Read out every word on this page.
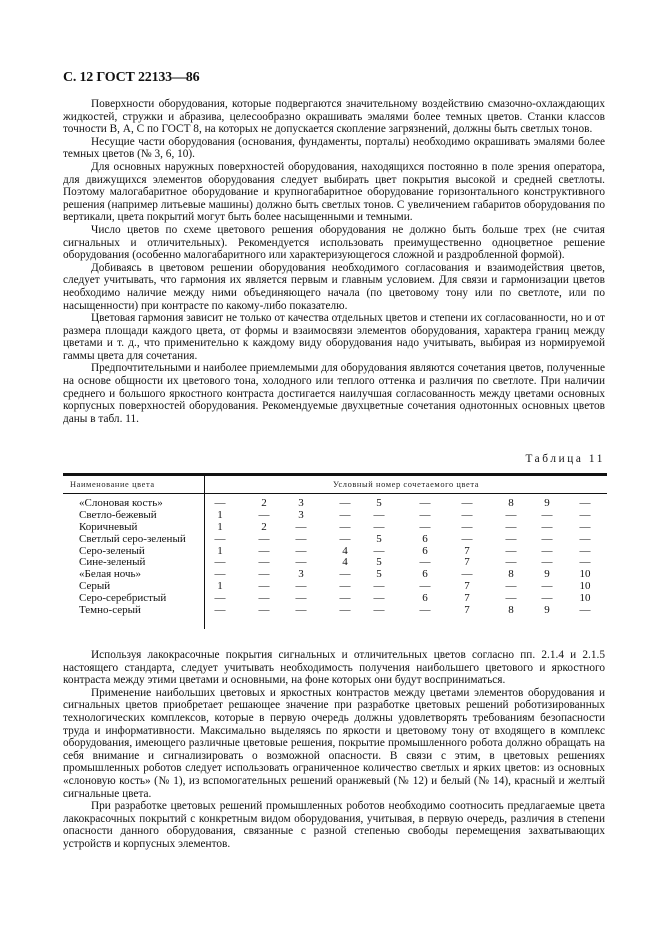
С. 12 ГОСТ 22133—86

Поверхности оборудования, которые подвергаются значительному воздействию смазочно-охлаждающих жидкостей, стружки и абразива, целесообразно окрашивать эмалями более темных цветов. Станки классов точности В, А, С по ГОСТ 8, на которых не допускается скопление загрязнений, должны быть светлых тонов.

Несущие части оборудования (основания, фундаменты, порталы) необходимо окрашивать эмалями более темных цветов (№ 3, 6, 10).

Для основных наружных поверхностей оборудования, находящихся постоянно в поле зрения оператора, для движущихся элементов оборудования следует выбирать цвет покрытия высокой и средней светлоты. Поэтому малогабаритное оборудование и крупногабаритное оборудование горизонтального конструктивного решения (например литьевые машины) должно быть светлых тонов. С увеличением габаритов оборудования по вертикали, цвета покрытий могут быть более насыщенными и темными.

Число цветов по схеме цветового решения оборудования не должно быть больше трех (не считая сигнальных и отличительных). Рекомендуется использовать преимущественно одноцветное решение оборудования (особенно малогабаритного или характеризующегося сложной и раздробленной формой).

Добиваясь в цветовом решении оборудования необходимого согласования и взаимодействия цветов, следует учитывать, что гармония их является первым и главным условием. Для связи и гармонизации цветов необходимо наличие между ними объединяющего начала (по цветовому тону или по светлоте, или по насыщенности) при контрасте по какому-либо показателю.

Цветовая гармония зависит не только от качества отдельных цветов и степени их согласованности, но и от размера площади каждого цвета, от формы и взаимосвязи элементов оборудования, характера границ между цветами и т. д., что применительно к каждому виду оборудования надо учитывать, выбирая из нормируемой гаммы цвета для сочетания.

Предпочтительными и наиболее приемлемыми для оборудования являются сочетания цветов, полученные на основе общности их цветового тона, холодного или теплого оттенка и различия по светлоте. При наличии среднего и большого яркостного контраста достигается наилучшая согласованность между цветами основных корпусных поверхностей оборудования. Рекомендуемые двухцветные сочетания однотонных основных цветов даны в табл. 11.

Таблица 11
Наименование цвета	Условный номер сочетаемого цвета
«Слоновая кость»	—	2	3	—	5	—	—	8	9	—
Светло-бежевый	1	—	3	—	—	—	—	—	—	—
Коричневый	1	2	—	—	—	—	—	—	—	—
Светлый серо-зеленый	—	—	—	—	5	6	—	—	—	—
Серо-зеленый	1	—	—	4	—	6	7	—	—	—
Сине-зеленый	—	—	—	4	5	—	7	—	—	—
«Белая ночь»	—	—	3	—	5	6	—	8	9	10
Серый	1	—	—	—	—	—	7	—	—	10
Серо-серебристый	—	—	—	—	—	6	7	—	—	10
Темно-серый	—	—	—	—	—	—	7	8	9	—

Используя лакокрасочные покрытия сигнальных и отличительных цветов согласно пп. 2.1.4 и 2.1.5 настоящего стандарта, следует учитывать необходимость получения наибольшего цветового и яркостного контраста между этими цветами и основными, на фоне которых они будут восприниматься.

Применение наибольших цветовых и яркостных контрастов между цветами элементов оборудования и сигнальных цветов приобретает решающее значение при разработке цветовых решений роботизированных технологических комплексов, которые в первую очередь должны удовлетворять требованиям безопасности труда и информативности. Максимально выделяясь по яркости и цветовому тону от входящего в комплекс оборудования, имеющего различные цветовые решения, покрытие промышленного робота должно обращать на себя внимание и сигнализировать о возможной опасности. В связи с этим, в цветовых решениях промышленных роботов следует использовать ограниченное количество светлых и ярких цветов: из основных «слоновую кость» (№ 1), из вспомогательных решений оранжевый (№ 12) и белый (№ 14), красный и желтый сигнальные цвета.

При разработке цветовых решений промышленных роботов необходимо соотносить предлагаемые цвета лакокрасочных покрытий с конкретным видом оборудования, учитывая, в первую очередь, различия в степени опасности данного оборудования, связанные с разной степенью свободы перемещения захватывающих устройств и корпусных элементов.
